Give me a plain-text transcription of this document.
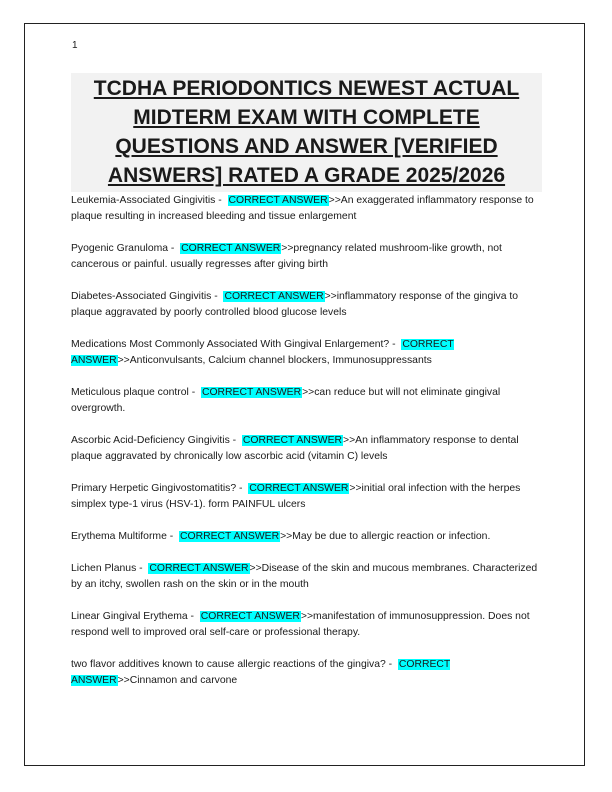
1
TCDHA PERIODONTICS NEWEST ACTUAL MIDTERM EXAM WITH COMPLETE QUESTIONS AND ANSWER [VERIFIED ANSWERS] RATED A GRADE 2025/2026

Leukemia-Associated Gingivitis -  CORRECT ANSWER>>An exaggerated inflammatory response to plaque resulting in increased bleeding and tissue enlargement

Pyogenic Granuloma -  CORRECT ANSWER>>pregnancy related mushroom-like growth, not cancerous or painful. usually regresses after giving birth

Diabetes-Associated Gingivitis -  CORRECT ANSWER>>inflammatory response of the gingiva to plaque aggravated by poorly controlled blood glucose levels

Medications Most Commonly Associated With Gingival Enlargement? -  CORRECT ANSWER>>Anticonvulsants, Calcium channel blockers, Immunosuppressants

Meticulous plaque control -  CORRECT ANSWER>>can reduce but will not eliminate gingival overgrowth.

Ascorbic Acid-Deficiency Gingivitis -  CORRECT ANSWER>>An inflammatory response to dental plaque aggravated by chronically low ascorbic acid (vitamin C) levels

Primary Herpetic Gingivostomatitis? -  CORRECT ANSWER>>initial oral infection with the herpes simplex type-1 virus (HSV-1). form PAINFUL ulcers

Erythema Multiforme -  CORRECT ANSWER>>May be due to allergic reaction or infection.

Lichen Planus -  CORRECT ANSWER>>Disease of the skin and mucous membranes. Characterized by an itchy, swollen rash on the skin or in the mouth

Linear Gingival Erythema -  CORRECT ANSWER>>manifestation of immunosuppression. Does not respond well to improved oral self-care or professional therapy.

two flavor additives known to cause allergic reactions of the gingiva? -  CORRECT ANSWER>>Cinnamon and carvone
